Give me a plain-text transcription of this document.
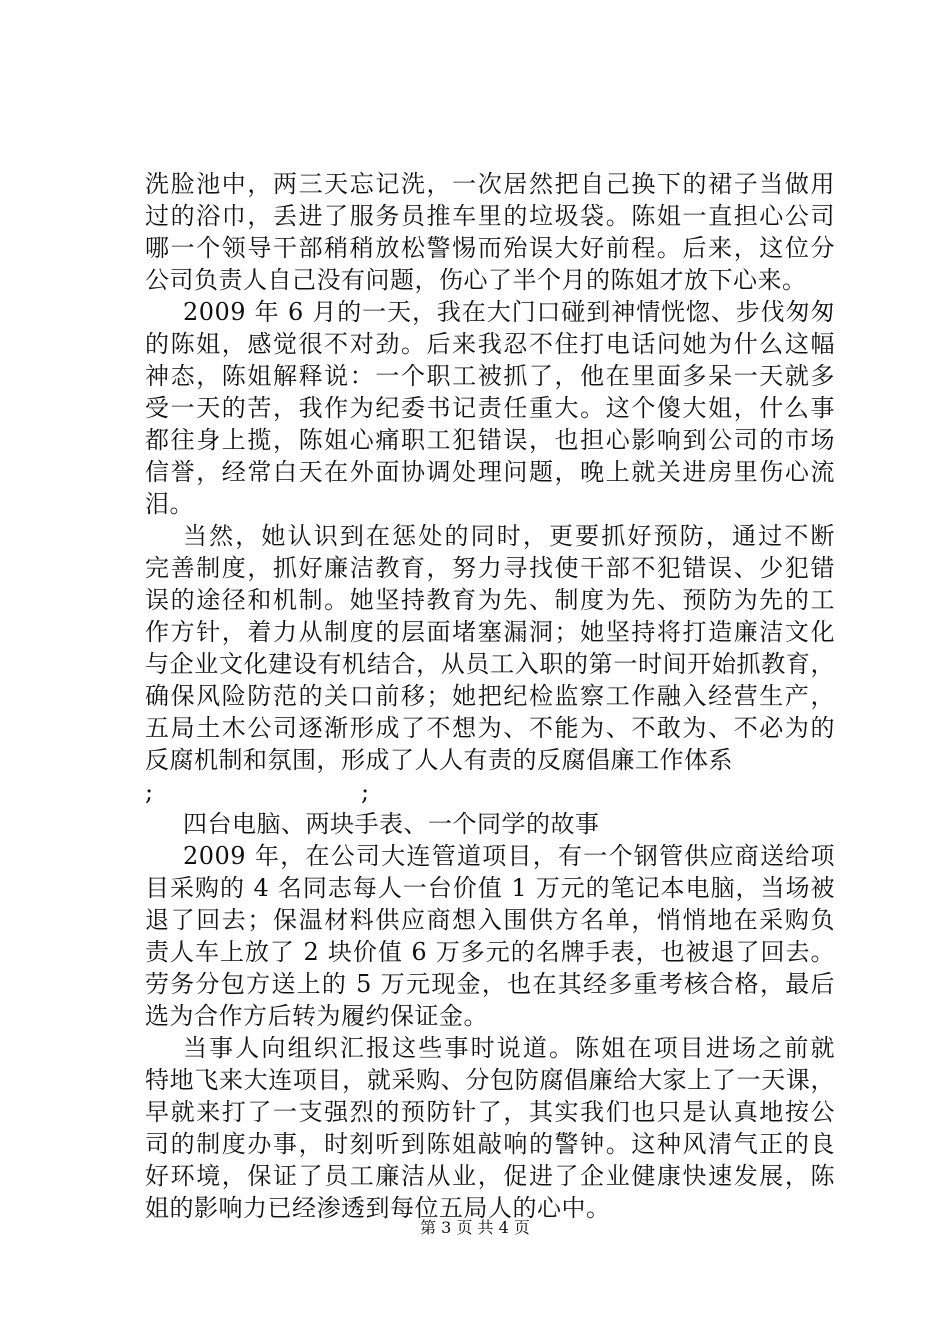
洗脸池中，两三天忘记洗，一次居然把自己换下的裙子当做用
过的浴巾，丢进了服务员推车里的垃圾袋。陈姐一直担心公司
哪一个领导干部稍稍放松警惕而殆误大好前程。后来，这位分
公司负责人自己没有问题，伤心了半个月的陈姐才放下心来。
2009 年 6 月的一天，我在大门口碰到神情恍惚、步伐匆匆
的陈姐，感觉很不对劲。后来我忍不住打电话问她为什么这幅
神态，陈姐解释说：一个职工被抓了，他在里面多呆一天就多
受一天的苦，我作为纪委书记责任重大。这个傻大姐，什么事
都往身上揽，陈姐心痛职工犯错误，也担心影响到公司的市场
信誉，经常白天在外面协调处理问题，晚上就关进房里伤心流
泪。
当然，她认识到在惩处的同时，更要抓好预防，通过不断
完善制度，抓好廉洁教育，努力寻找使干部不犯错误、少犯错
误的途径和机制。她坚持教育为先、制度为先、预防为先的工
作方针，着力从制度的层面堵塞漏洞；她坚持将打造廉洁文化
与企业文化建设有机结合，从员工入职的第一时间开始抓教育，
确保风险防范的关口前移；她把纪检监察工作融入经营生产，
五局土木公司逐渐形成了不想为、不能为、不敢为、不必为的
反腐机制和氛围，形成了人人有责的反腐倡廉工作体系
;	;
四台电脑、两块手表、一个同学的故事
2009 年，在公司大连管道项目，有一个钢管供应商送给项
目采购的 4 名同志每人一台价值 1 万元的笔记本电脑，当场被
退了回去；保温材料供应商想入围供方名单，悄悄地在采购负
责人车上放了 2 块价值 6 万多元的名牌手表，也被退了回去。
劳务分包方送上的 5 万元现金，也在其经多重考核合格，最后
选为合作方后转为履约保证金。
当事人向组织汇报这些事时说道。陈姐在项目进场之前就
特地飞来大连项目，就采购、分包防腐倡廉给大家上了一天课，
早就来打了一支强烈的预防针了，其实我们也只是认真地按公
司的制度办事，时刻听到陈姐敲响的警钟。这种风清气正的良
好环境，保证了员工廉洁从业，促进了企业健康快速发展，陈
姐的影响力已经渗透到每位五局人的心中。
第 3 页 共 4 页
